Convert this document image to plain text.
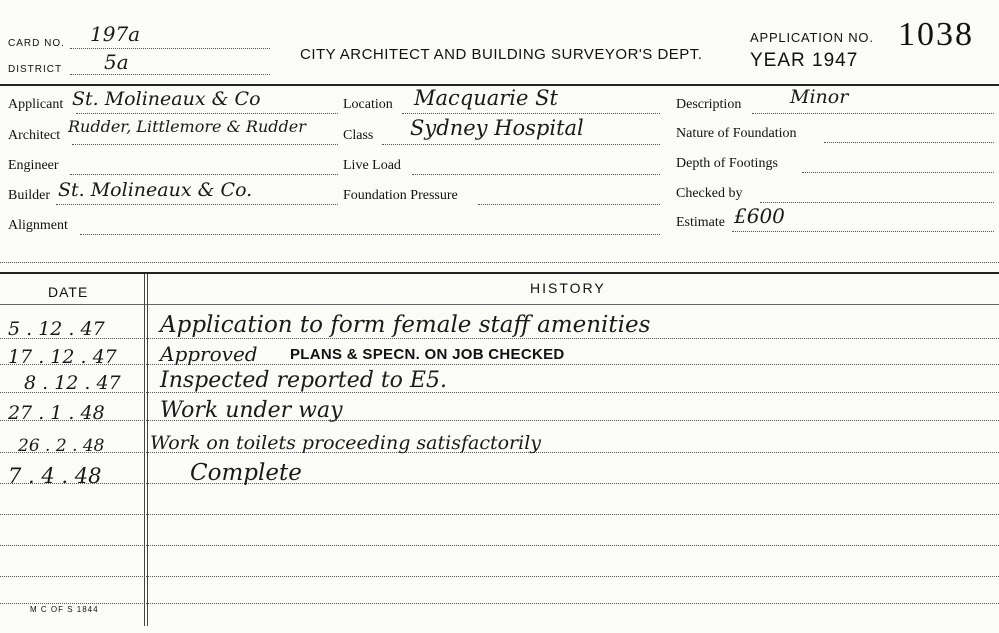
CARD NO. 197a
DISTRICT 5a	CITY ARCHITECT AND BUILDING SURVEYOR'S DEPT.
APPLICATION NO. 1038
YEAR 1947
Applicant St. Molineaux & Co
Architect Rudder, Littlemore & Rudder
Engineer
Builder St. Molineaux & Co.
Alignment
Location Macquarie St
Class Sydney Hospital
Live Load
Foundation Pressure
Description	Minor
Nature of Foundation
Depth of Footings
Checked by
Estimate £600
DATE	HISTORY
5 . 12 . 47 Application to form female staff amenities
17 . 12 . 47 Approved PLANS & SPECN. ON JOB CHECKED
8 . 12 . 47 Inspected reported to E5.
27 . 1 . 48	Work under way
26 . 2 . 48 Work on toilets proceeding satisfactorily
7 . 4 . 48	Complete
M C OF S 1844
